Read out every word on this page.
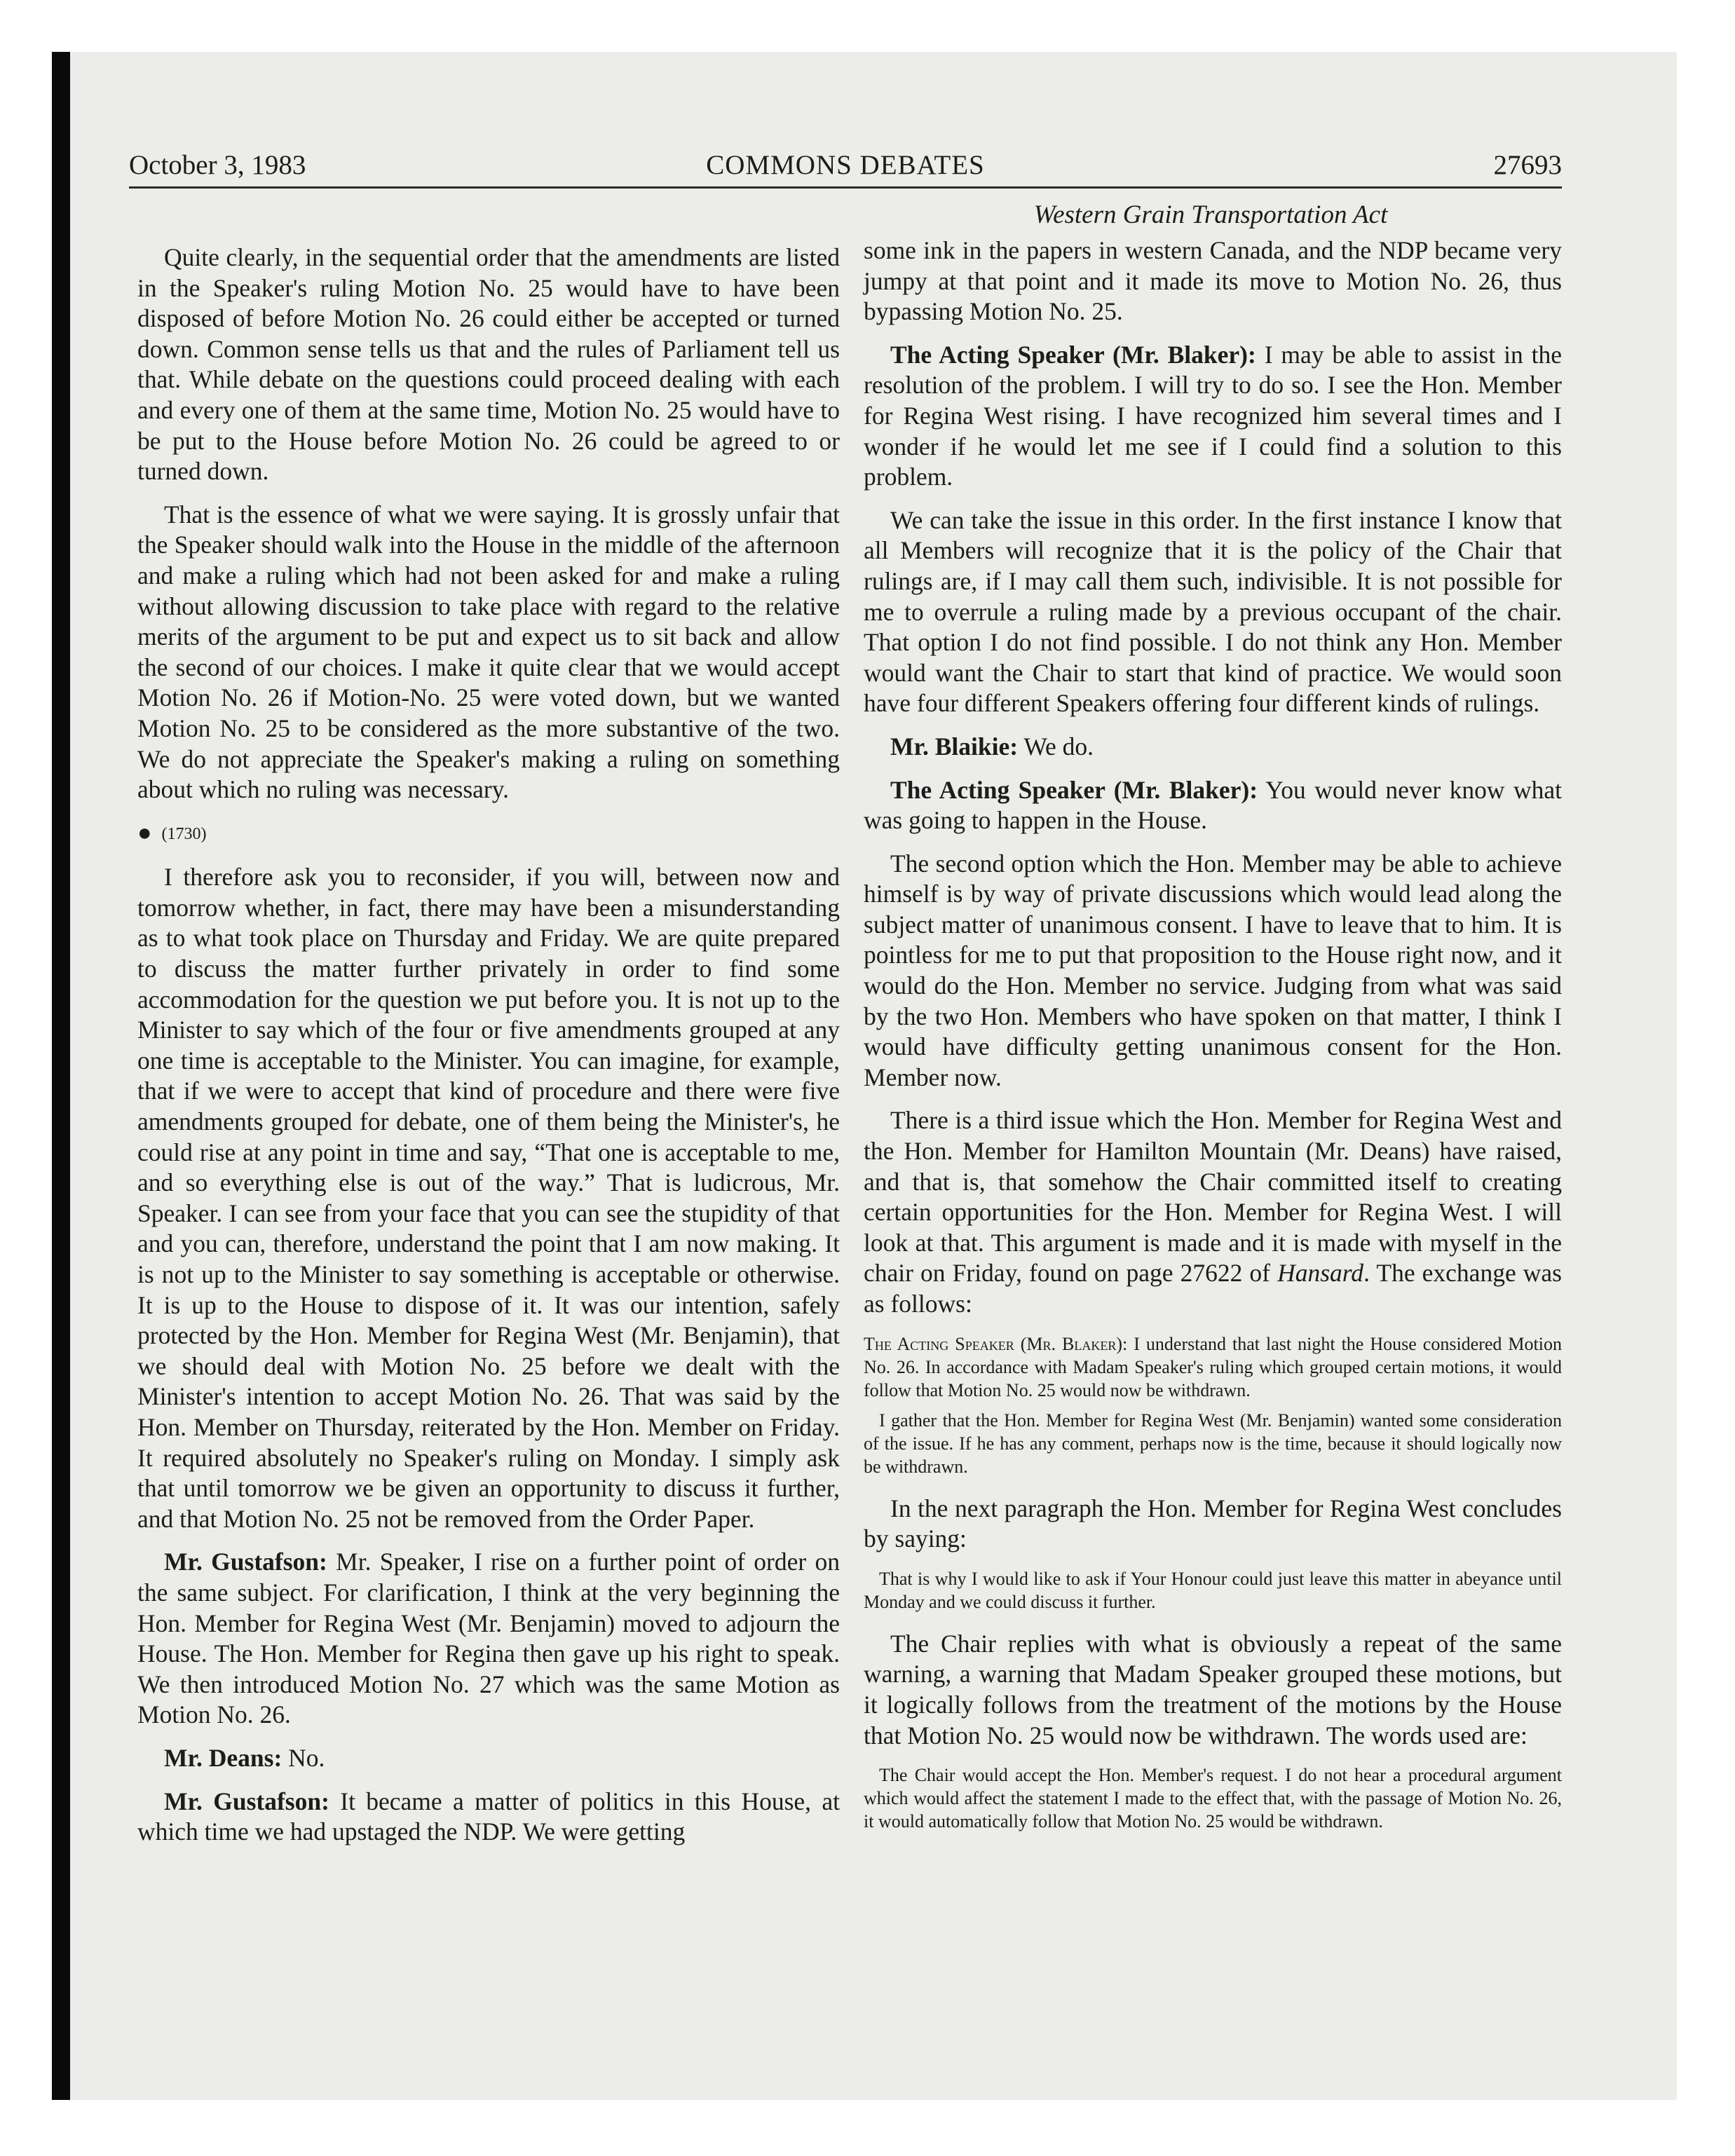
October 3, 1983	COMMONS DEBATES	27693
Western Grain Transportation Act

Quite clearly, in the sequential order that the amendments are listed in the Speaker's ruling Motion No. 25 would have to have been disposed of before Motion No. 26 could either be accepted or turned down. Common sense tells us that and the rules of Parliament tell us that. While debate on the questions could proceed dealing with each and every one of them at the same time, Motion No. 25 would have to be put to the House before Motion No. 26 could be agreed to or turned down.

That is the essence of what we were saying. It is grossly unfair that the Speaker should walk into the House in the middle of the afternoon and make a ruling which had not been asked for and make a ruling without allowing discussion to take place with regard to the relative merits of the argument to be put and expect us to sit back and allow the second of our choices. I make it quite clear that we would accept Motion No. 26 if Motion-No. 25 were voted down, but we wanted Motion No. 25 to be considered as the more substantive of the two. We do not appreciate the Speaker's making a ruling on something about which no ruling was necessary.

● (1730)

I therefore ask you to reconsider, if you will, between now and tomorrow whether, in fact, there may have been a misunderstanding as to what took place on Thursday and Friday. We are quite prepared to discuss the matter further privately in order to find some accommodation for the question we put before you. It is not up to the Minister to say which of the four or five amendments grouped at any one time is acceptable to the Minister. You can imagine, for example, that if we were to accept that kind of procedure and there were five amendments grouped for debate, one of them being the Minister's, he could rise at any point in time and say, “That one is acceptable to me, and so everything else is out of the way.” That is ludicrous, Mr. Speaker. I can see from your face that you can see the stupidity of that and you can, therefore, understand the point that I am now making. It is not up to the Minister to say something is acceptable or otherwise. It is up to the House to dispose of it. It was our intention, safely protected by the Hon. Member for Regina West (Mr. Benjamin), that we should deal with Motion No. 25 before we dealt with the Minister's intention to accept Motion No. 26. That was said by the Hon. Member on Thursday, reiterated by the Hon. Member on Friday. It required absolutely no Speaker's ruling on Monday. I simply ask that until tomorrow we be given an opportunity to discuss it further, and that Motion No. 25 not be removed from the Order Paper.

Mr. Gustafson: Mr. Speaker, I rise on a further point of order on the same subject. For clarification, I think at the very beginning the Hon. Member for Regina West (Mr. Benjamin) moved to adjourn the House. The Hon. Member for Regina then gave up his right to speak. We then introduced Motion No. 27 which was the same Motion as Motion No. 26.

Mr. Deans: No.

Mr. Gustafson: It became a matter of politics in this House, at which time we had upstaged the NDP. We were getting

some ink in the papers in western Canada, and the NDP became very jumpy at that point and it made its move to Motion No. 26, thus bypassing Motion No. 25.

The Acting Speaker (Mr. Blaker): I may be able to assist in the resolution of the problem. I will try to do so. I see the Hon. Member for Regina West rising. I have recognized him several times and I wonder if he would let me see if I could find a solution to this problem.

We can take the issue in this order. In the first instance I know that all Members will recognize that it is the policy of the Chair that rulings are, if I may call them such, indivisible. It is not possible for me to overrule a ruling made by a previous occupant of the chair. That option I do not find possible. I do not think any Hon. Member would want the Chair to start that kind of practice. We would soon have four different Speakers offering four different kinds of rulings.

Mr. Blaikie: We do.

The Acting Speaker (Mr. Blaker): You would never know what was going to happen in the House.

The second option which the Hon. Member may be able to achieve himself is by way of private discussions which would lead along the subject matter of unanimous consent. I have to leave that to him. It is pointless for me to put that proposition to the House right now, and it would do the Hon. Member no service. Judging from what was said by the two Hon. Members who have spoken on that matter, I think I would have difficulty getting unanimous consent for the Hon. Member now.

There is a third issue which the Hon. Member for Regina West and the Hon. Member for Hamilton Mountain (Mr. Deans) have raised, and that is, that somehow the Chair committed itself to creating certain opportunities for the Hon. Member for Regina West. I will look at that. This argument is made and it is made with myself in the chair on Friday, found on page 27622 of Hansard. The exchange was as follows:

The Acting Speaker (Mr. Blaker): I understand that last night the House considered Motion No. 26. In accordance with Madam Speaker's ruling which grouped certain motions, it would follow that Motion No. 25 would now be withdrawn.

I gather that the Hon. Member for Regina West (Mr. Benjamin) wanted some consideration of the issue. If he has any comment, perhaps now is the time, because it should logically now be withdrawn.

In the next paragraph the Hon. Member for Regina West concludes by saying:

That is why I would like to ask if Your Honour could just leave this matter in abeyance until Monday and we could discuss it further.

The Chair replies with what is obviously a repeat of the same warning, a warning that Madam Speaker grouped these motions, but it logically follows from the treatment of the motions by the House that Motion No. 25 would now be withdrawn. The words used are:

The Chair would accept the Hon. Member's request. I do not hear a procedural argument which would affect the statement I made to the effect that, with the passage of Motion No. 26, it would automatically follow that Motion No. 25 would be withdrawn.
